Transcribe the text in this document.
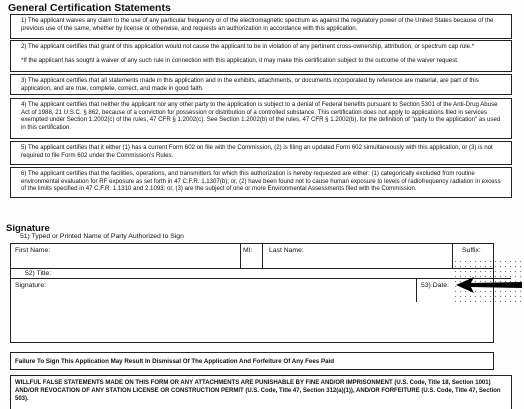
General Certification Statements
1) The applicant waives any claim to the use of any particular frequency or of the electromagnetic spectrum as against the regulatory power of the United States because of the previous use of the same, whether by license or otherwise, and requests an authorization in accordance with this application.
2) The applicant certifies that grant of this application would not cause the applicant to be in violation of any pertinent cross-ownership, attribution, or spectrum cap rule.*
*If the applicant has sought a waiver of any such rule in connection with this application, it may make this certification subject to the outcome of the waiver request.
3) The applicant certifies that all statements made in this application and in the exhibits, attachments, or documents incorporated by reference are material, are part of this application, and are true, complete, correct, and made in good faith.
4) The applicant certifies that neither the applicant nor any other party to the application is subject to a denial of Federal benefits pursuant to Section 5301 of the Anti-Drug Abuse Act of 1988, 21 U.S.C. § 862, because of a conviction for possession or distribution of a controlled substance. This certification does not apply to applications filed in services exempted under Section 1.2002(c) of the rules, 47 CFR § 1.2002(c). See Section 1.2002(b) of the rules, 47 CFR § 1.2002(b), for the definition of "party to the application" as used in this certification.
5) The applicant certifies that it either (1) has a current Form 602 on file with the Commission, (2) is filing an updated Form 602 simultaneously with this application, or (3) is not required to file Form 602 under the Commission's Rules.
6) The applicant certifies that the facilities, operations, and transmitters for which this authorization is hereby requested are either: (1) categorically excluded from routine environmental evaluation for RF exposure as set forth in 47 C.F.R. 1.1307(b); or, (2) have been found not to cause human exposure to levels of radiofrequency radiation in excess of the limits specified in 47 C.F.R. 1.1310 and 2.1093; or, (3) are the subject of one or more Environmental Assessments filed with the Commission.
Signature
51) Typed or Printed Name of Party Authorized to Sign
First Name:	MI:	Last Name:	Suffix:
52) Title:
Signature:	53) Date:
Failure To Sign This Application May Result In Dismissal Of The Application And Forfeiture Of Any Fees Paid
WILLFUL FALSE STATEMENTS MADE ON THIS FORM OR ANY ATTACHMENTS ARE PUNISHABLE BY FINE AND/OR IMPRISONMENT (U.S. Code, Title 18, Section 1001) AND/OR REVOCATION OF ANY STATION LICENSE OR CONSTRUCTION PERMIT (U.S. Code, Title 47, Section 312(a)(1)), AND/OR FORFEITURE (U.S. Code, Title 47, Section 503).
